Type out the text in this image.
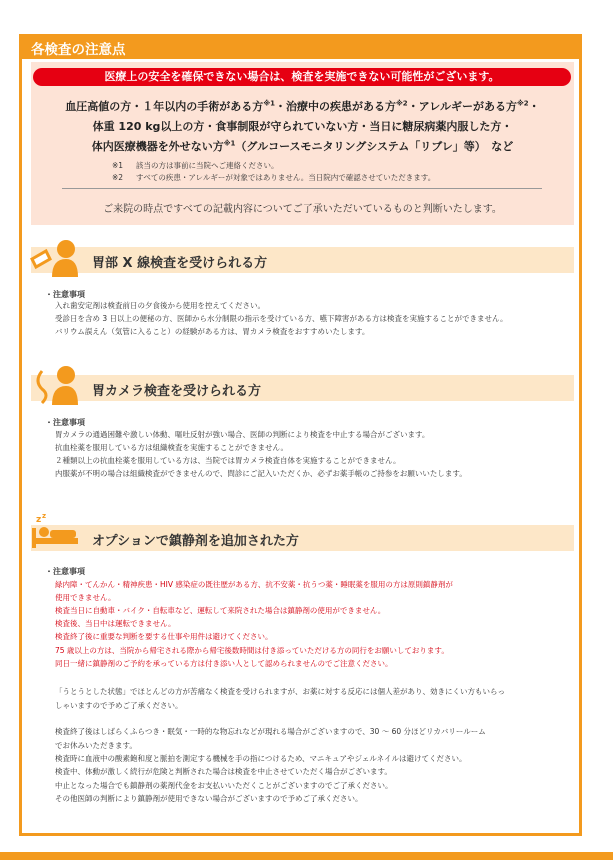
各検査の注意点
医療上の安全を確保できない場合は、検査を実施できない可能性がございます。
血圧高値の方・１年以内の手術がある方$^{※1}$・治療中の疾患がある方$^{※2}$・アレルギーがある方$^{※2}$・
体重 120 kg以上の方・食事制限が守られていない方・当日に糖尿病薬内服した方・
体内医療機器を外せない方$^{※1}$（グルコースモニタリングシステム「リブレ」等）　など
※1 該当の方は事前に当院へご連絡ください。
※2 すべての疾患・アレルギーが対象ではありません。当日院内で確認させていただきます。
ご来院の時点ですべての記載内容についてご了承いただいているものと判断いたします。
胃部 X 線検査を受けられる方
・注意事項
入れ歯安定剤は検査前日の夕食後から使用を控えてください。
受診日を含め 3 日以上の便秘の方、医師から水分制限の指示を受けている方、嚥下障害がある方は検査を実施することができません。
バリウム誤えん（気管に入ること）の経験がある方は、胃カメラ検査をおすすめいたします。
胃カメラ検査を受けられる方
・注意事項
胃カメラの通過困難や激しい体動、嘔吐反射が強い場合、医師の判断により検査を中止する場合がございます。
抗血栓薬を服用している方は組織検査を実施することができません。
２種類以上の抗血栓薬を服用している方は、当院では胃カメラ検査自体を実施することができません。
内服薬が不明の場合は組織検査ができませんので、問診にご記入いただくか、必ずお薬手帳のご持参をお願いいたします。
z z
オプションで鎮静剤を追加された方
・注意事項
緑内障・てんかん・精神疾患・HIV 感染症の既往歴がある方、抗不安薬・抗うつ薬・睡眠薬を服用の方は原則鎮静剤が
使用できません。
検査当日に自動車・バイク・自転車など、運転して来院された場合は鎮静剤の使用ができません。
検査後、当日中は運転できません。
検査終了後に重要な判断を要する仕事や用件は避けてください。
75 歳以上の方は、当院から帰宅される際から帰宅後数時間は付き添っていただける方の同行をお願いしております。
同日一緒に鎮静剤のご予約を承っている方は付き添い人として認められませんのでご注意ください。
「うとうとした状態」でほとんどの方が苦痛なく検査を受けられますが、お薬に対する反応には個人差があり、効きにくい方もいらっ
しゃいますので予めご了承ください。
検査終了後はしばらくふらつき・眠気・一時的な物忘れなどが現れる場合がございますので、30 ～ 60 分ほどリカバリールーム
でお休みいただきます。
検査時に血液中の酸素飽和度と脈拍を測定する機械を手の指につけるため、マニキュアやジェルネイルは避けてください。
検査中、体動が激しく続行が危険と判断された場合は検査を中止させていただく場合がございます。
中止となった場合でも鎮静剤の薬剤代金をお支払いいただくことがございますのでご了承ください。
その他医師の判断により鎮静剤が使用できない場合がございますので予めご了承ください。
